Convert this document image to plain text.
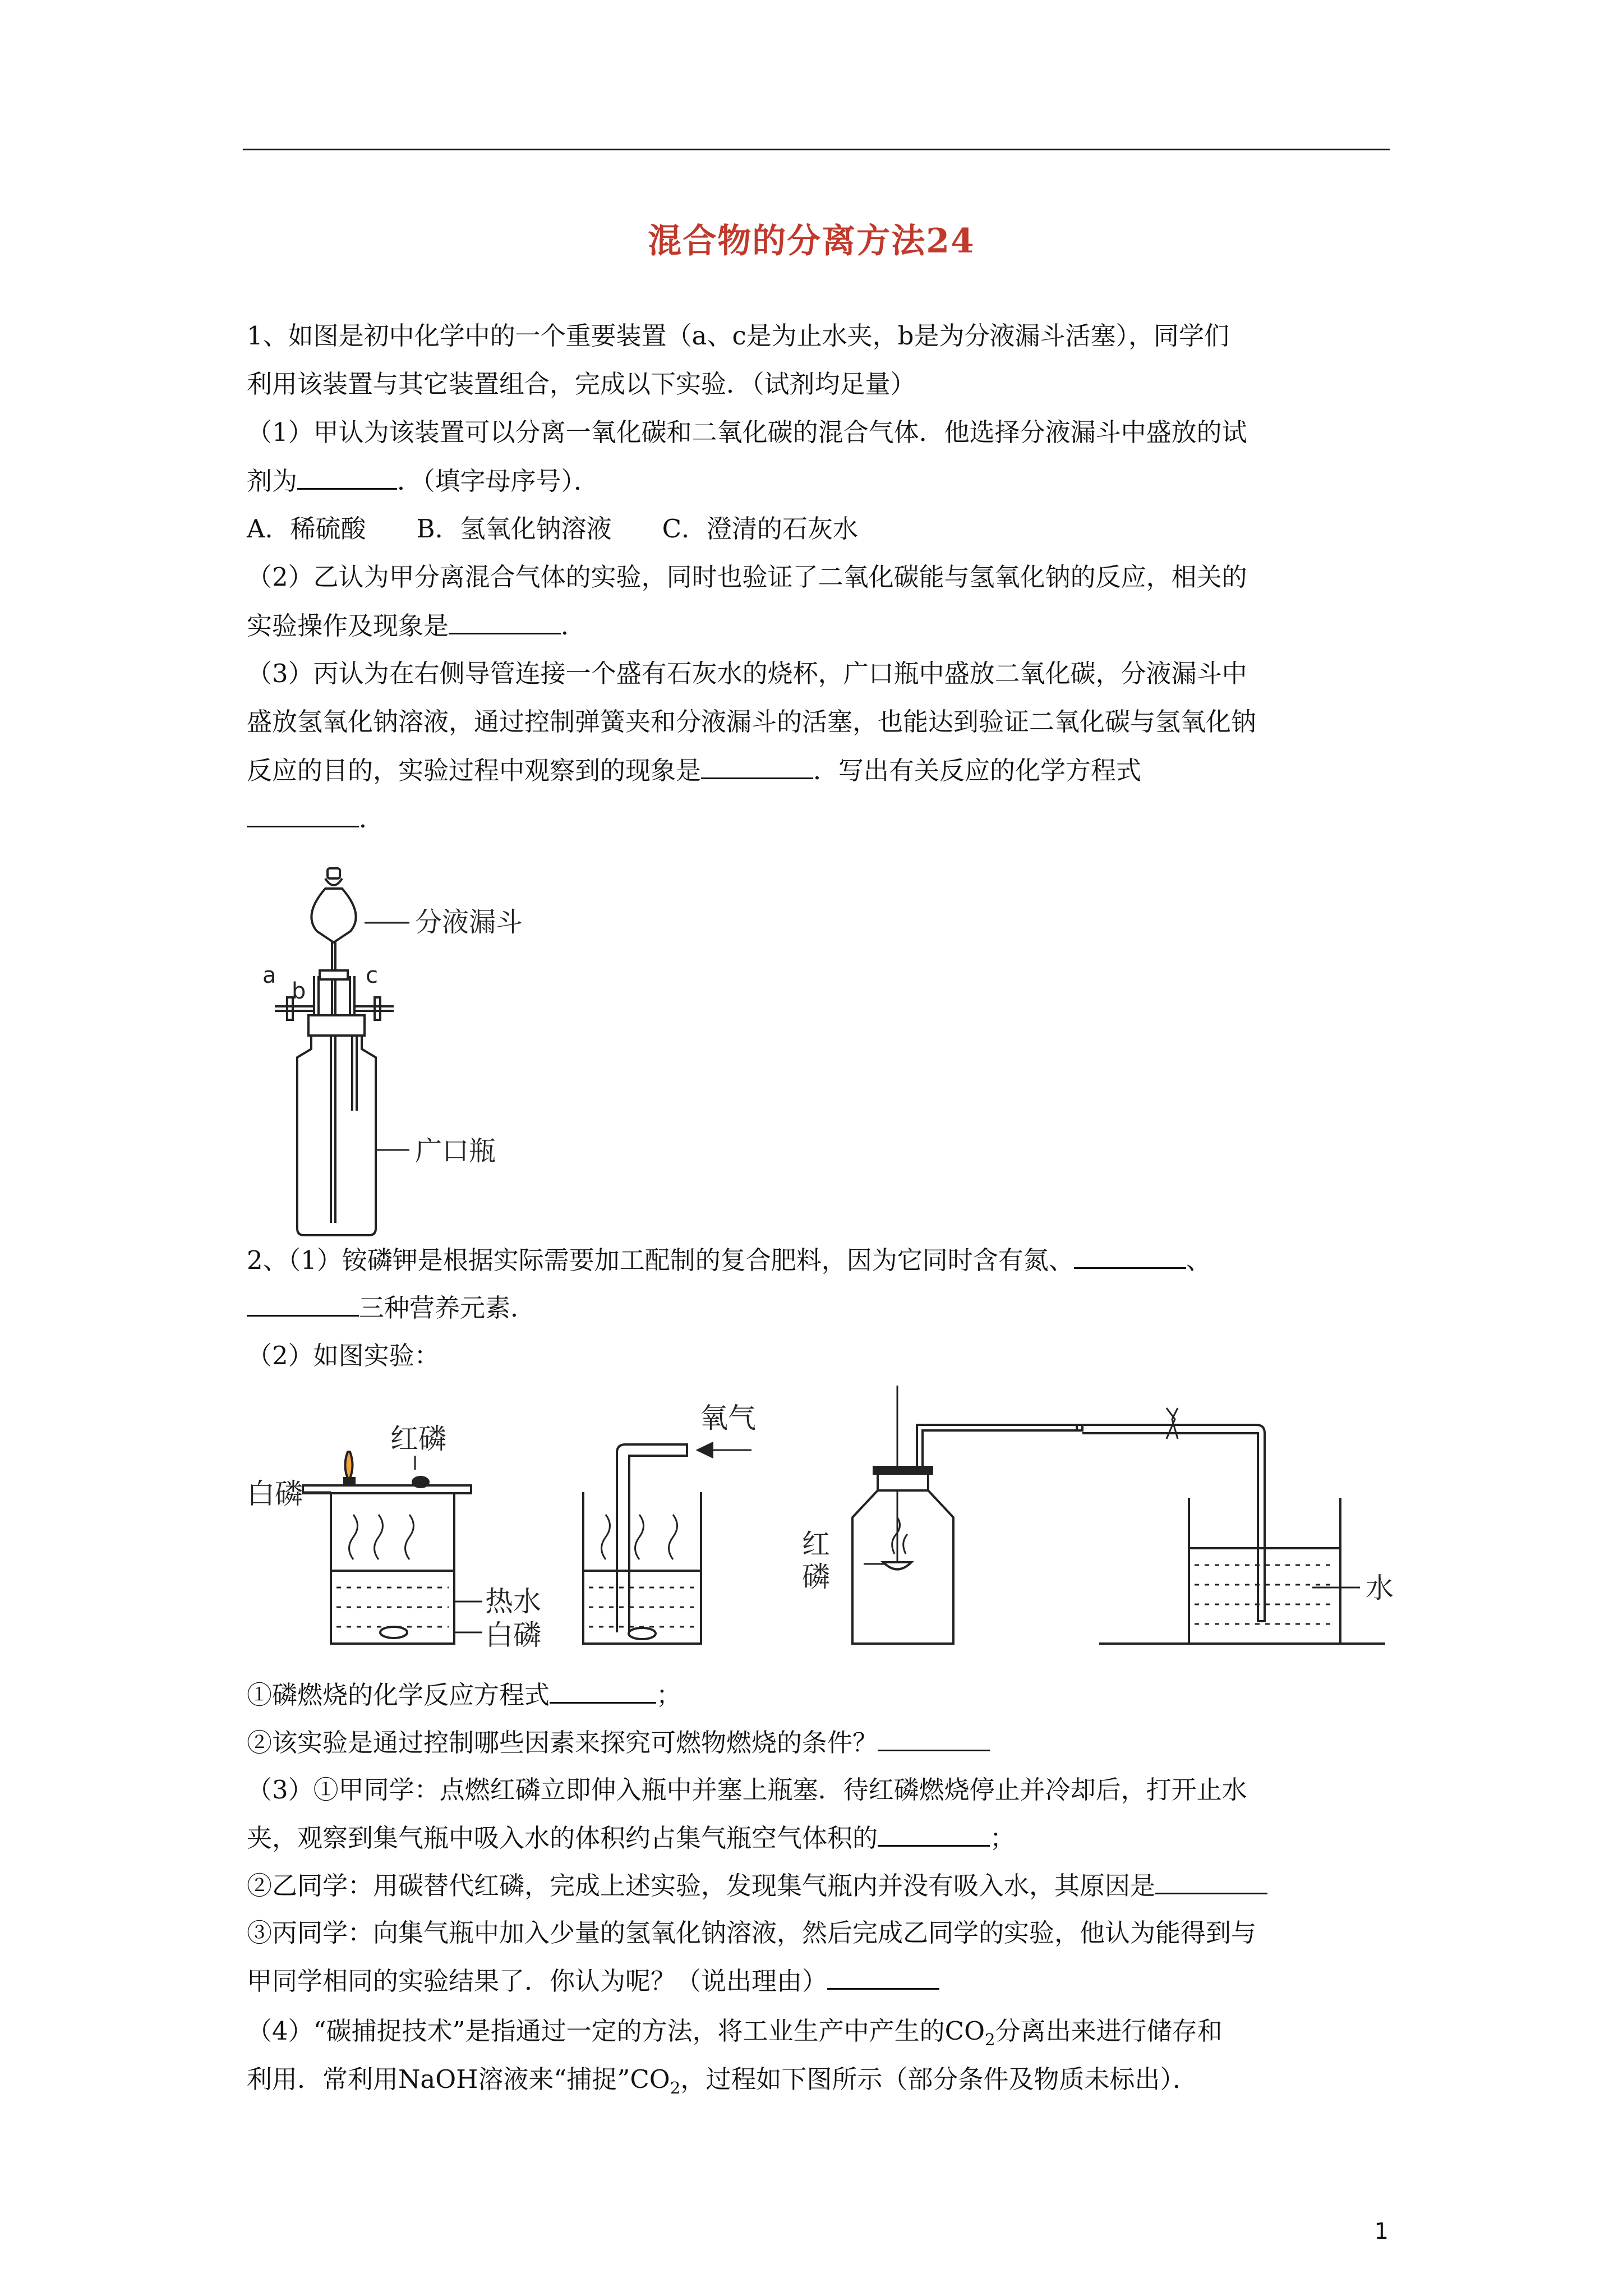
混合物的分离方法24
1、如图是初中化学中的一个重要装置（a、c是为止水夹，b是为分液漏斗活塞），同学们
利用该装置与其它装置组合，完成以下实验．（试剂均足量）
（1）甲认为该装置可以分离一氧化碳和二氧化碳的混合气体．他选择分液漏斗中盛放的试
剂为	．（填字母序号）．
A．稀硫酸　　B．氢氧化钠溶液　　C．澄清的石灰水
（2）乙认为甲分离混合气体的实验，同时也验证了二氧化碳能与氢氧化钠的反应，相关的
实验操作及现象是	．
（3）丙认为在右侧导管连接一个盛有石灰水的烧杯，广口瓶中盛放二氧化碳，分液漏斗中
盛放氢氧化钠溶液，通过控制弹簧夹和分液漏斗的活塞，也能达到验证二氧化碳与氢氧化钠
反应的目的，实验过程中观察到的现象是	．写出有关反应的化学方程式
．
分液漏斗
广口瓶
a
b
c
2、（1）铵磷钾是根据实际需要加工配制的复合肥料，因为它同时含有氮、	、
三种营养元素．
（2）如图实验：
白磷
红磷
热水
白磷
氧气
红
磷	水
①磷燃烧的化学反应方程式	；
②该实验是通过控制哪些因素来探究可燃物燃烧的条件？
（3）①甲同学：点燃红磷立即伸入瓶中并塞上瓶塞．待红磷燃烧停止并冷却后，打开止水
夹，观察到集气瓶中吸入水的体积约占集气瓶空气体积的	；
②乙同学：用碳替代红磷，完成上述实验，发现集气瓶内并没有吸入水，其原因是
③丙同学：向集气瓶中加入少量的氢氧化钠溶液，然后完成乙同学的实验，他认为能得到与
甲同学相同的实验结果了．你认为呢？（说出理由）
（4）“碳捕捉技术”是指通过一定的方法，将工业生产中产生的$CO_2$分离出来进行储存和
利用．常利用NaOH溶液来“捕捉$”CO_2$，过程如下图所示（部分条件及物质未标出）．
1
